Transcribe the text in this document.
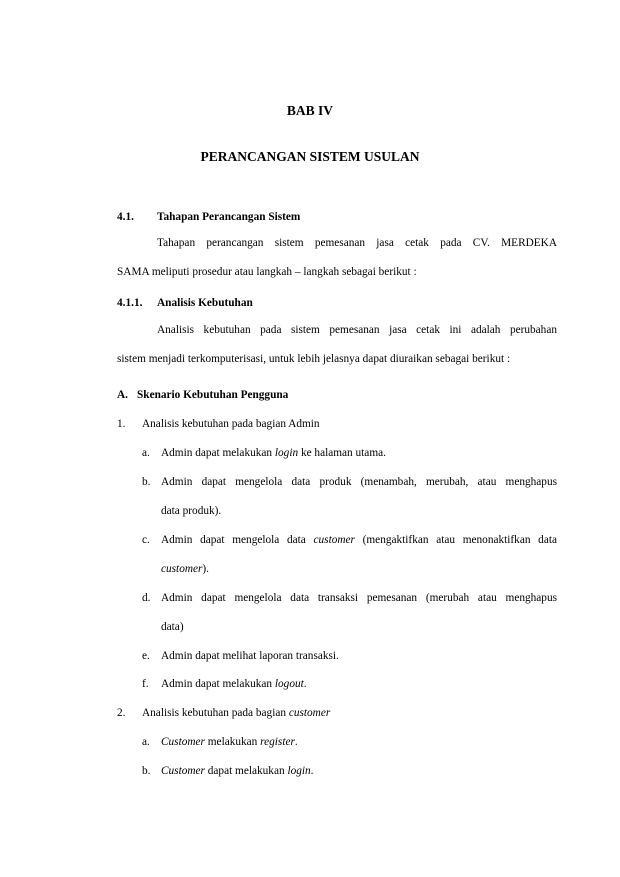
BAB IV
PERANCANGAN SISTEM USULAN
4.1. Tahapan Perancangan Sistem
Tahapan perancangan sistem pemesanan jasa cetak pada CV. MERDEKA
SAMA meliputi prosedur atau langkah – langkah sebagai berikut :
4.1.1. Analisis Kebutuhan
Analisis kebutuhan pada sistem pemesanan jasa cetak ini adalah perubahan
sistem menjadi terkomputerisasi, untuk lebih jelasnya dapat diuraikan sebagai berikut :
A. Skenario Kebutuhan Pengguna
1. Analisis kebutuhan pada bagian Admin
a. Admin dapat melakukan login ke halaman utama.
b. Admin dapat mengelola data produk (menambah, merubah, atau menghapus
data produk).
c. Admin dapat mengelola data customer (mengaktifkan atau menonaktifkan data
customer).
d. Admin dapat mengelola data transaksi pemesanan (merubah atau menghapus
data)
e. Admin dapat melihat laporan transaksi.
f. Admin dapat melakukan logout.
2. Analisis kebutuhan pada bagian customer
a. Customer melakukan register.
b. Customer dapat melakukan login.
